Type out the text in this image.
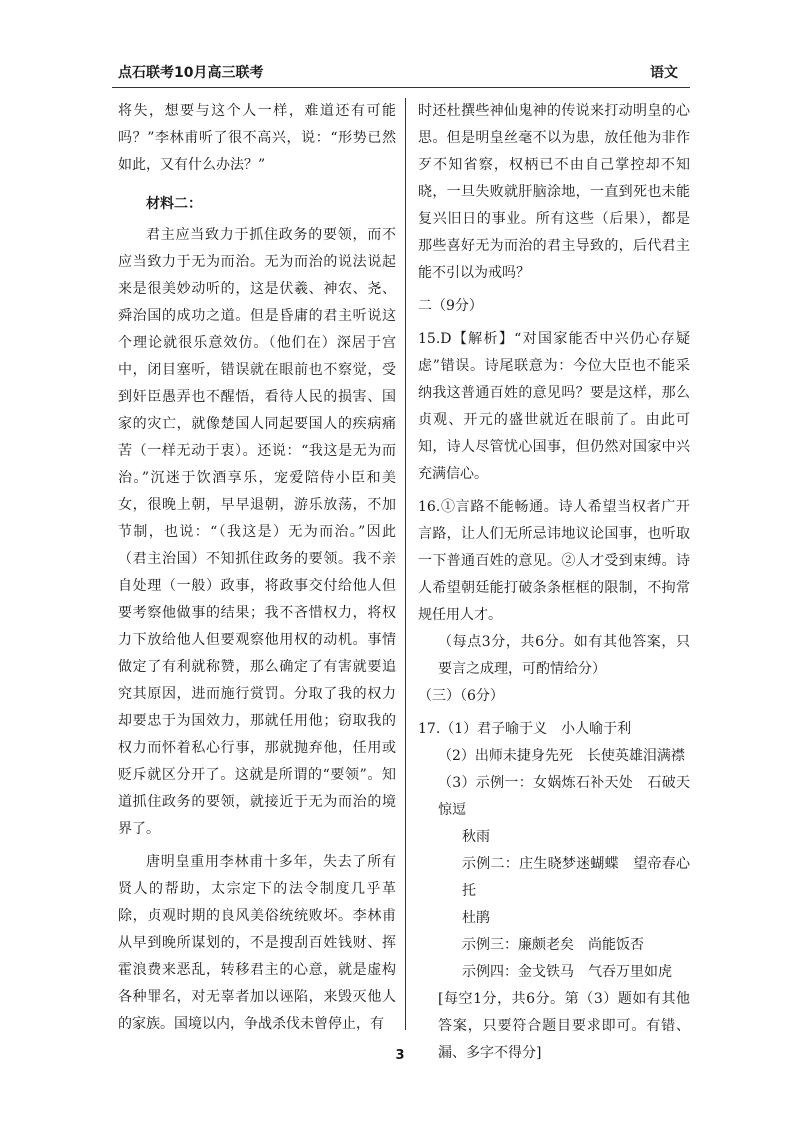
点石联考10月高三联考	语文

将失，想要与这个人一样，难道还有可能吗？”李林甫听了很不高兴，说：“形势已然如此，又有什么办法？”

材料二：

君主应当致力于抓住政务的要领，而不应当致力于无为而治。无为而治的说法说起来是很美妙动听的，这是伏羲、神农、尧、舜治国的成功之道。但是昏庸的君主听说这个理论就很乐意效仿。（他们在）深居于宫中，闭目塞听，错误就在眼前也不察觉，受到奸臣愚弄也不醒悟，看待人民的损害、国家的灾亡，就像楚国人同起要国人的疾病痛苦（一样无动于衷）。还说：“我这是无为而治。”沉迷于饮酒享乐，宠爱陪侍小臣和美女，很晚上朝，早早退朝，游乐放荡，不加节制，也说：“（我这是）无为而治。”因此（君主治国）不知抓住政务的要领。我不亲自处理（一般）政事，将政事交付给他人但要考察他做事的结果；我不吝惜权力，将权力下放给他人但要观察他用权的动机。事情做定了有利就称赞，那么确定了有害就要追究其原因，进而施行赏罚。分取了我的权力却要忠于为国效力，那就任用他；窃取我的权力而怀着私心行事，那就抛弃他，任用或贬斥就区分开了。这就是所谓的“要领”。知道抓住政务的要领，就接近于无为而治的境界了。

唐明皇重用李林甫十多年，失去了所有贤人的帮助，太宗定下的法令制度几乎革除，贞观时期的良风美俗统统败坏。李林甫从早到晚所谋划的，不是搜刮百姓钱财、挥霍浪费来恶乱，转移君主的心意，就是虚构各种罪名，对无辜者加以诬陷，来毁灭他人的家族。国境以内，争战杀伐未曾停止，有

时还杜撰些神仙鬼神的传说来打动明皇的心思。但是明皇丝毫不以为患，放任他为非作歹不知省察，权柄已不由自己掌控却不知晓，一旦失败就肝脑涂地，一直到死也未能复兴旧日的事业。所有这些（后果），都是那些喜好无为而治的君主导致的，后代君主能不引以为戒吗？

二（9分）

15.D【解析】“对国家能否中兴仍心存疑虑”错误。诗尾联意为：今位大臣也不能采纳我这普通百姓的意见吗？要是这样，那么贞观、开元的盛世就近在眼前了。由此可知，诗人尽管忧心国事，但仍然对国家中兴充满信心。

16.①言路不能畅通。诗人希望当权者广开言路，让人们无所忌讳地议论国事，也听取一下普通百姓的意见。②人才受到束缚。诗人希望朝廷能打破条条框框的限制，不拘常规任用人才。

（每点3分，共6分。如有其他答案，只要言之成理，可酌情给分）

（三）（6分）

17.（1）君子喻于义　小人喻于利

（2）出师未捷身先死　长使英雄泪满襟

（3）示例一：女娲炼石补天处　石破天惊逗

秋雨

示例二：庄生晓梦迷蝴蝶　望帝春心托

杜鹃

示例三：廉颇老矣　尚能饭否

示例四：金戈铁马　气吞万里如虎

[每空1分，共6分。第（3）题如有其他答案，只要符合题目要求即可。有错、漏、多字不得分]

3
